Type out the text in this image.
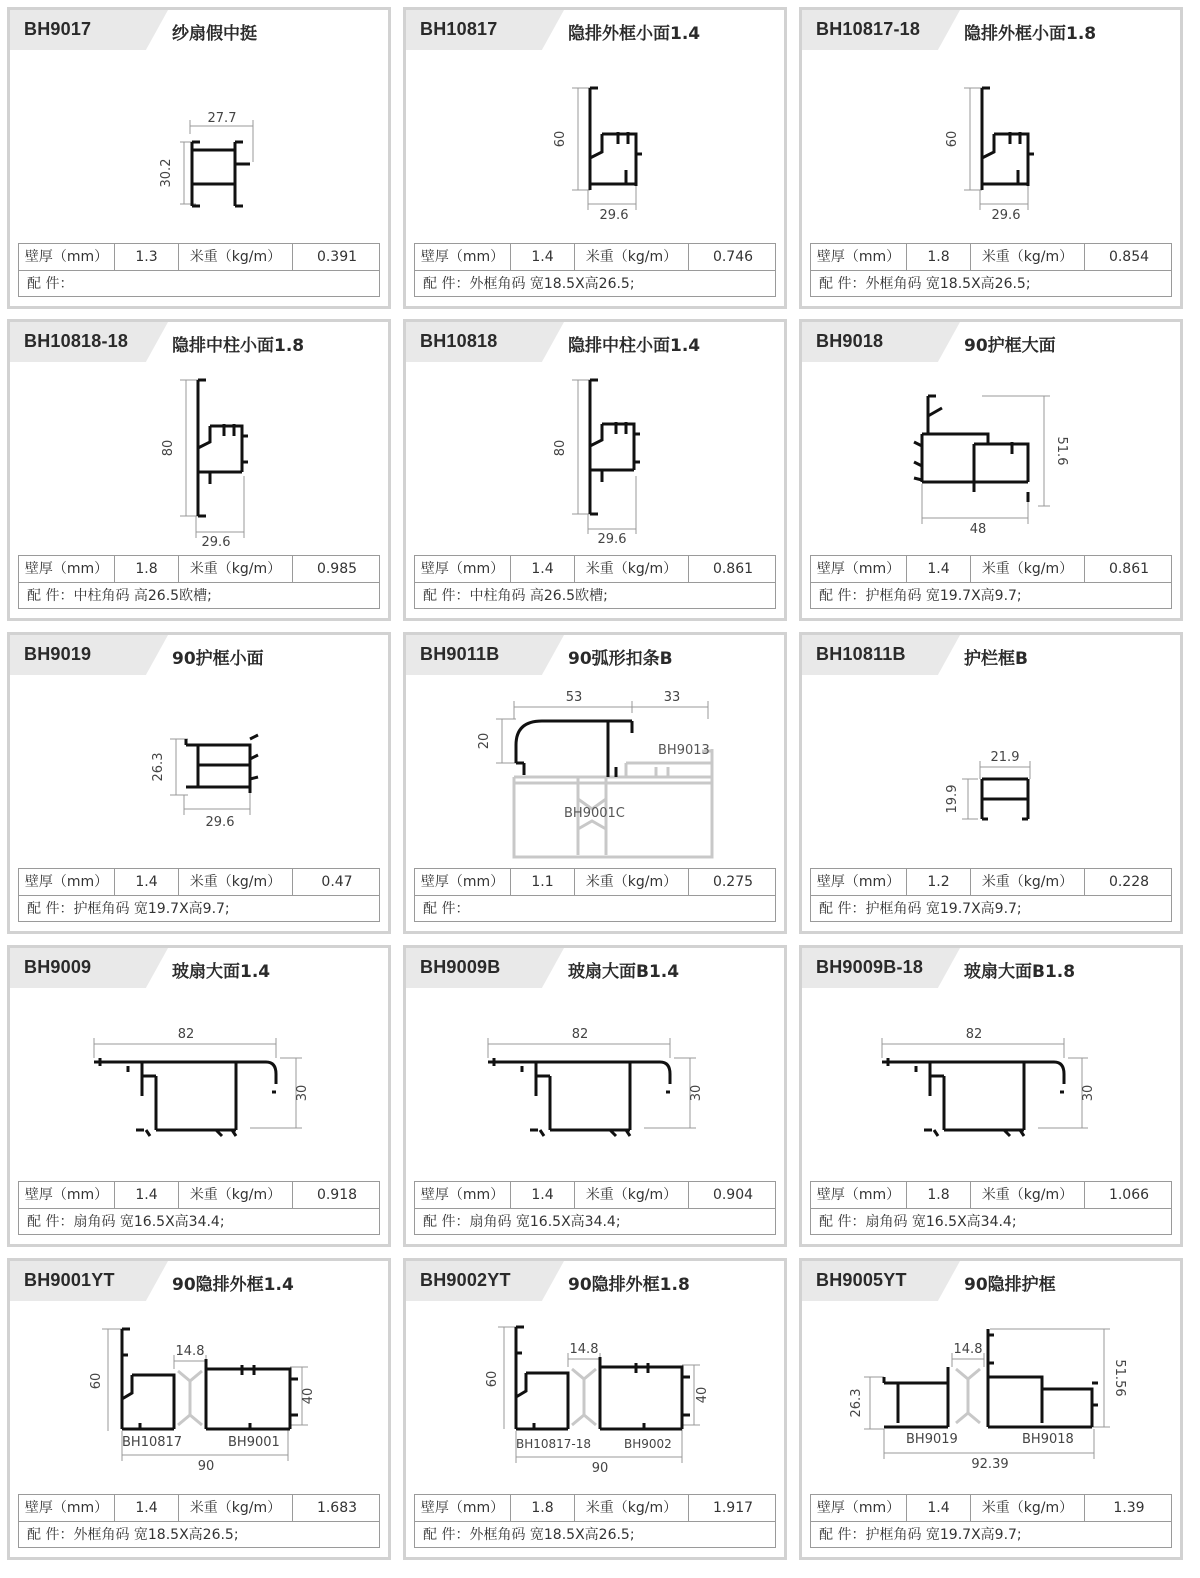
BH9017	纱扇假中挺
27.7
30.2
壁厚（mm）	1.3	米重（kg/m）	0.391
配 件：
BH10817	隐排外框小面1.4
60
29.6
壁厚（mm）	1.4	米重（kg/m）	0.746
配 件：外框角码 宽18.5X高26.5;
BH10817-18	隐排外框小面1.8
60
29.6
壁厚（mm）	1.8	米重（kg/m）	0.854
配 件：外框角码 宽18.5X高26.5;
BH10818-18	隐排中柱小面1.8
80
29.6
壁厚（mm）	1.8	米重（kg/m）	0.985
配 件：中柱角码 高26.5欧槽;
BH10818	隐排中柱小面1.4
80
29.6
壁厚（mm）	1.4	米重（kg/m）	0.861
配 件：中柱角码 高26.5欧槽;
BH9018	90护框大面
51.6
48
壁厚（mm）	1.4	米重（kg/m）	0.861
配 件：护框角码 宽19.7X高9.7;
BH9019	90护框小面
26.3
29.6
壁厚（mm）	1.4	米重（kg/m）	0.47
配 件：护框角码 宽19.7X高9.7;
BH9011B	90弧形扣条B
53	33
20
BH9013
BH9001C
壁厚（mm）	1.1	米重（kg/m）	0.275
配 件：
BH10811B	护栏框B
21.9
19.9
壁厚（mm）	1.2	米重（kg/m）	0.228
配 件：护框角码 宽19.7X高9.7;
BH9009	玻扇大面1.4
82
30
壁厚（mm）	1.4	米重（kg/m）	0.918
配 件：扇角码 宽16.5X高34.4;
BH9009B	玻扇大面B1.4
82
30
壁厚（mm）	1.4	米重（kg/m）	0.904
配 件：扇角码 宽16.5X高34.4;
BH9009B-18 玻扇大面B1.8
82
30
壁厚（mm）	1.8	米重（kg/m）	1.066
配 件：扇角码 宽16.5X高34.4;
BH9001YT	90隐排外框1.4
60
14.8
40
90
BH10817	BH9001
壁厚（mm）	1.4	米重（kg/m）	1.683
配 件：外框角码 宽18.5X高26.5;
BH9002YT	90隐排外框1.8
60
14.8
40
90
BH10817-18	BH9002
壁厚（mm）	1.8	米重（kg/m）	1.917
配 件：外框角码 宽18.5X高26.5;
BH9005YT	90隐排护框
26.3
14.8
51.56
92.39
BH9019	BH9018
壁厚（mm）	1.4	米重（kg/m）	1.39
配 件：护框角码 宽19.7X高9.7;
